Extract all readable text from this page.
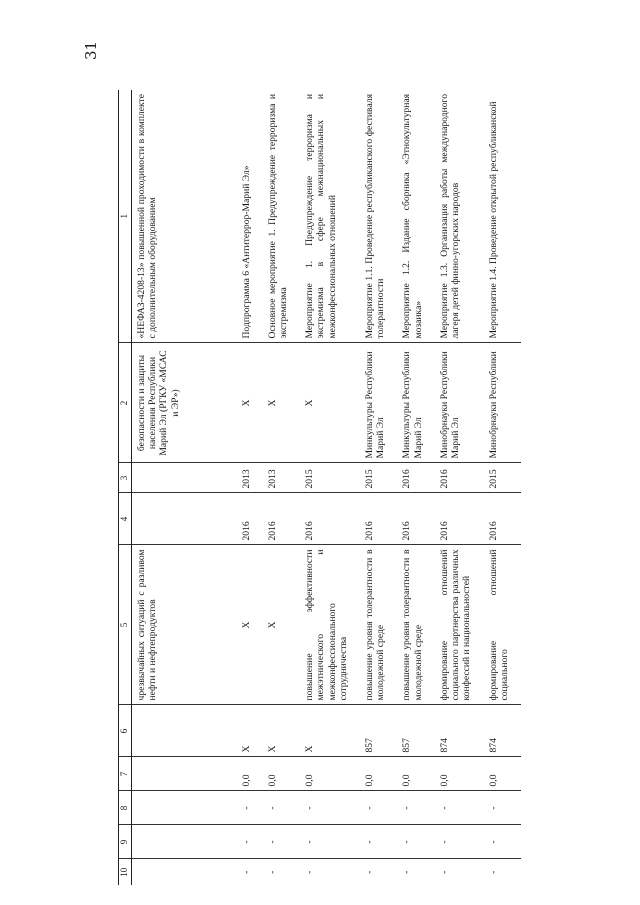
31
10	9	8	7	6	5	4	3	2	1
					чрезвычайных ситуаций с разливом нефти и нефтепродуктов			безопасности и защиты населения Республики Марий Эл (РГКУ «МСАС и ЭР»)	«НЕФАЗ-4208-13» повышенной проходимости в комплекте с дополнительным оборудованием
-	-	-	0,0	X	X	2016	2013	X	Подпрограмма 6 «Антитеррор-Марий Эл»
-	-	-	0,0	X	X	2016	2013	X	Основное мероприятие 1. Предупреждение терроризма и экстремизма
-	-	-	0,0	X	повышение эффективности межэтнического и межконфессионального сотрудничества	2016	2015	X	Мероприятие 1. Предупреждение терроризма и экстремизма в сфере межнациональных и межконфессиональных отношений
-	-	-	0,0	857	повышение уровня толерантности в молодежной среде	2016	2015	Минкультуры Республики Марий Эл	Мероприятие 1.1. Проведение республиканского фестиваля толерантности
-	-	-	0,0	857	повышение уровня толерантности в молодежной среде	2016	2016	Минкультуры Республики Марий Эл	Мероприятие 1.2. Издание сборника «Этнокультурная мозаика»
-	-	-	0,0	874	формирование отношений социального партнерства различных конфессий и национальностей	2016	2016	Минобрнауки Республики Марий Эл	Мероприятие 1.3. Организация работы международного лагеря детей финно-угорских народов
-	-	-	0,0	874	формирование отношений социального	2016	2015	Минобрнауки Республики	Мероприятие 1.4. Проведение открытой республиканской
